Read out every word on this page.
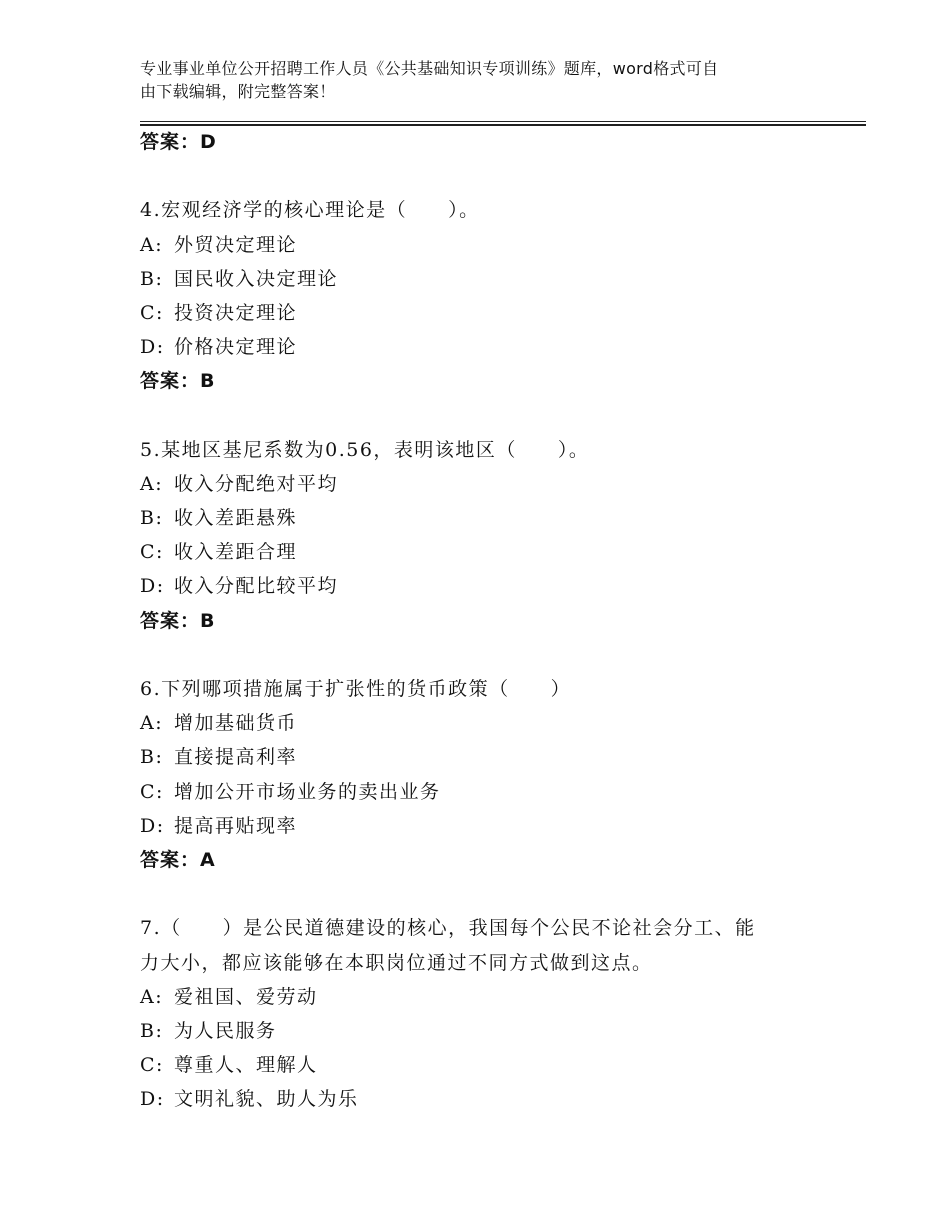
专业事业单位公开招聘工作人员《公共基础知识专项训练》题库，word格式可自
由下载编辑，附完整答案！
答案：D
4.宏观经济学的核心理论是（　　）。
A: 外贸决定理论
B: 国民收入决定理论
C: 投资决定理论
D: 价格决定理论
答案：B
5.某地区基尼系数为0.56，表明该地区（　　）。
A: 收入分配绝对平均
B: 收入差距悬殊
C: 收入差距合理
D: 收入分配比较平均
答案：B
6.下列哪项措施属于扩张性的货币政策（　　）
A: 增加基础货币
B: 直接提高利率
C: 增加公开市场业务的卖出业务
D: 提高再贴现率
答案：A
7.（　　）是公民道德建设的核心，我国每个公民不论社会分工、能
力大小，都应该能够在本职岗位通过不同方式做到这点。
A: 爱祖国、爱劳动
B: 为人民服务
C: 尊重人、理解人
D: 文明礼貌、助人为乐
